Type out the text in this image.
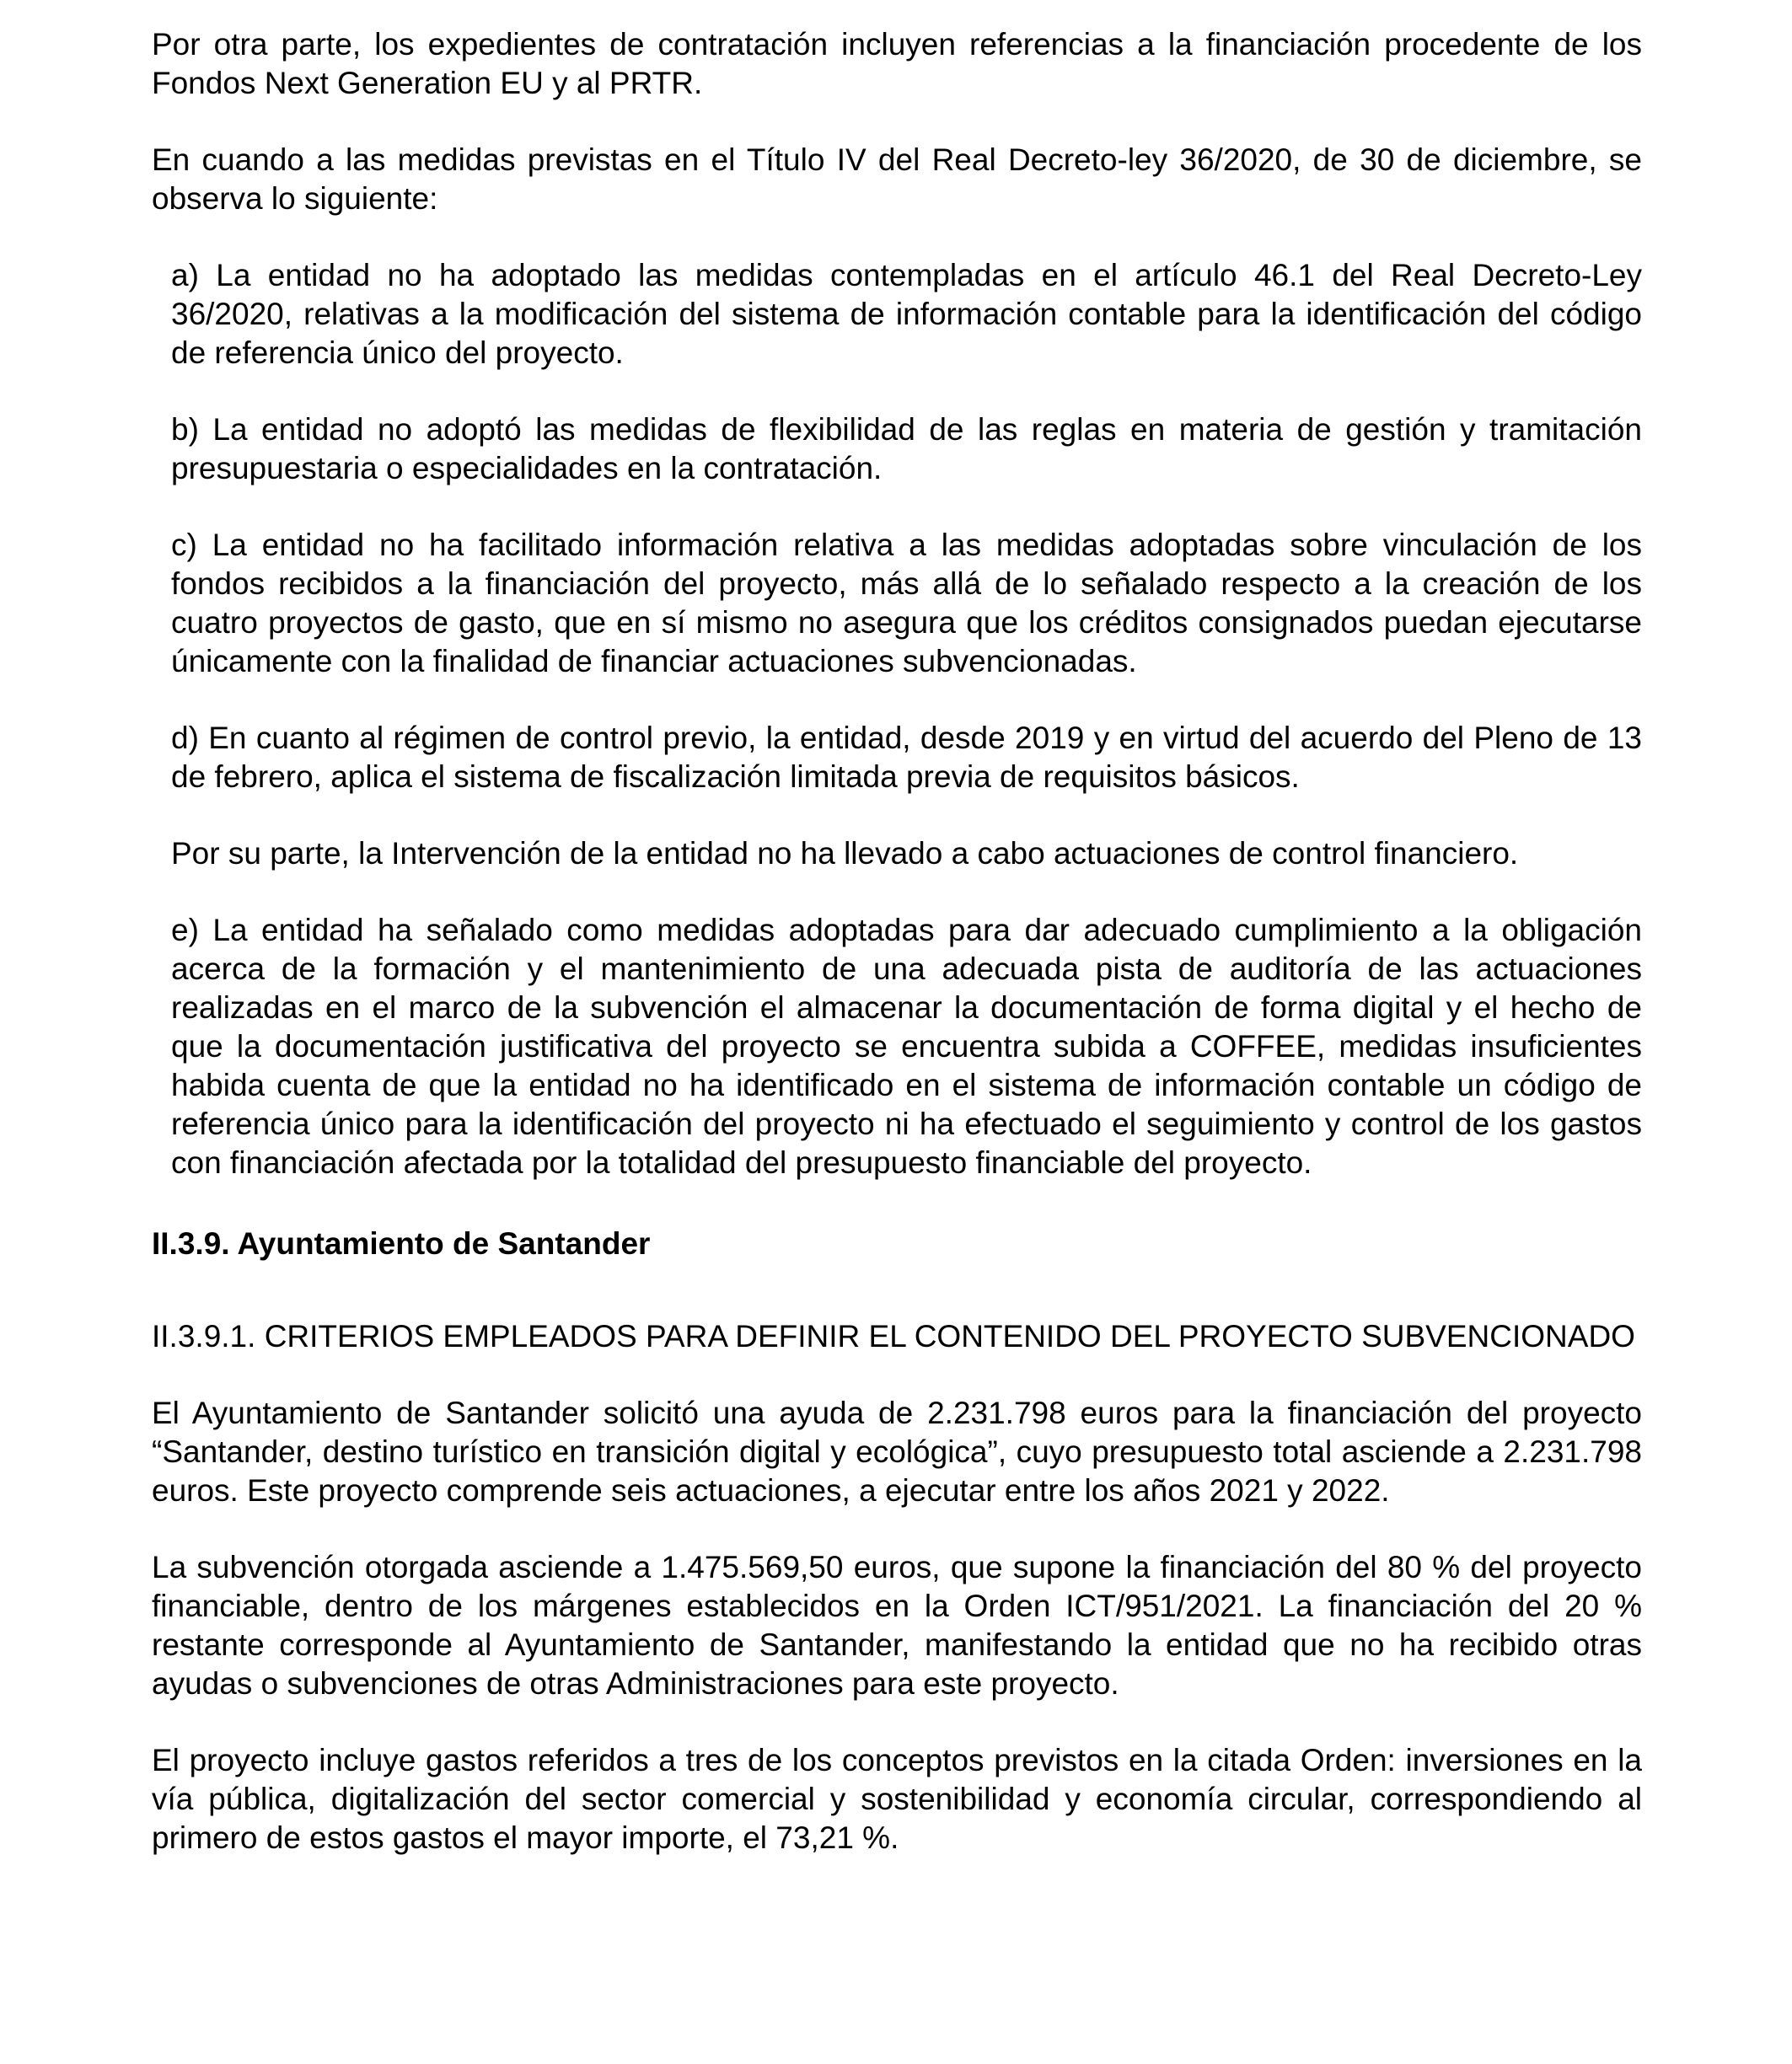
Por otra parte, los expedientes de contratación incluyen referencias a la financiación procedente de los Fondos Next Generation EU y al PRTR.

En cuando a las medidas previstas en el Título IV del Real Decreto-ley 36/2020, de 30 de diciembre, se observa lo siguiente:

a) La entidad no ha adoptado las medidas contempladas en el artículo 46.1 del Real Decreto-Ley 36/2020, relativas a la modificación del sistema de información contable para la identificación del código de referencia único del proyecto.

b) La entidad no adoptó las medidas de flexibilidad de las reglas en materia de gestión y tramitación presupuestaria o especialidades en la contratación.

c) La entidad no ha facilitado información relativa a las medidas adoptadas sobre vinculación de los fondos recibidos a la financiación del proyecto, más allá de lo señalado respecto a la creación de los cuatro proyectos de gasto, que en sí mismo no asegura que los créditos consignados puedan ejecutarse únicamente con la finalidad de financiar actuaciones subvencionadas.

d) En cuanto al régimen de control previo, la entidad, desde 2019 y en virtud del acuerdo del Pleno de 13 de febrero, aplica el sistema de fiscalización limitada previa de requisitos básicos.

Por su parte, la Intervención de la entidad no ha llevado a cabo actuaciones de control financiero.

e) La entidad ha señalado como medidas adoptadas para dar adecuado cumplimiento a la obligación acerca de la formación y el mantenimiento de una adecuada pista de auditoría de las actuaciones realizadas en el marco de la subvención el almacenar la documentación de forma digital y el hecho de que la documentación justificativa del proyecto se encuentra subida a COFFEE, medidas insuficientes habida cuenta de que la entidad no ha identificado en el sistema de información contable un código de referencia único para la identificación del proyecto ni ha efectuado el seguimiento y control de los gastos con financiación afectada por la totalidad del presupuesto financiable del proyecto.

II.3.9. Ayuntamiento de Santander

II.3.9.1. CRITERIOS EMPLEADOS PARA DEFINIR EL CONTENIDO DEL PROYECTO SUBVENCIONADO

El Ayuntamiento de Santander solicitó una ayuda de 2.231.798 euros para la financiación del proyecto “Santander, destino turístico en transición digital y ecológica”, cuyo presupuesto total asciende a 2.231.798 euros. Este proyecto comprende seis actuaciones, a ejecutar entre los años 2021 y 2022.

La subvención otorgada asciende a 1.475.569,50 euros, que supone la financiación del 80 % del proyecto financiable, dentro de los márgenes establecidos en la Orden ICT/951/2021. La financiación del 20 % restante corresponde al Ayuntamiento de Santander, manifestando la entidad que no ha recibido otras ayudas o subvenciones de otras Administraciones para este proyecto.

El proyecto incluye gastos referidos a tres de los conceptos previstos en la citada Orden: inversiones en la vía pública, digitalización del sector comercial y sostenibilidad y economía circular, correspondiendo al primero de estos gastos el mayor importe, el 73,21 %.
